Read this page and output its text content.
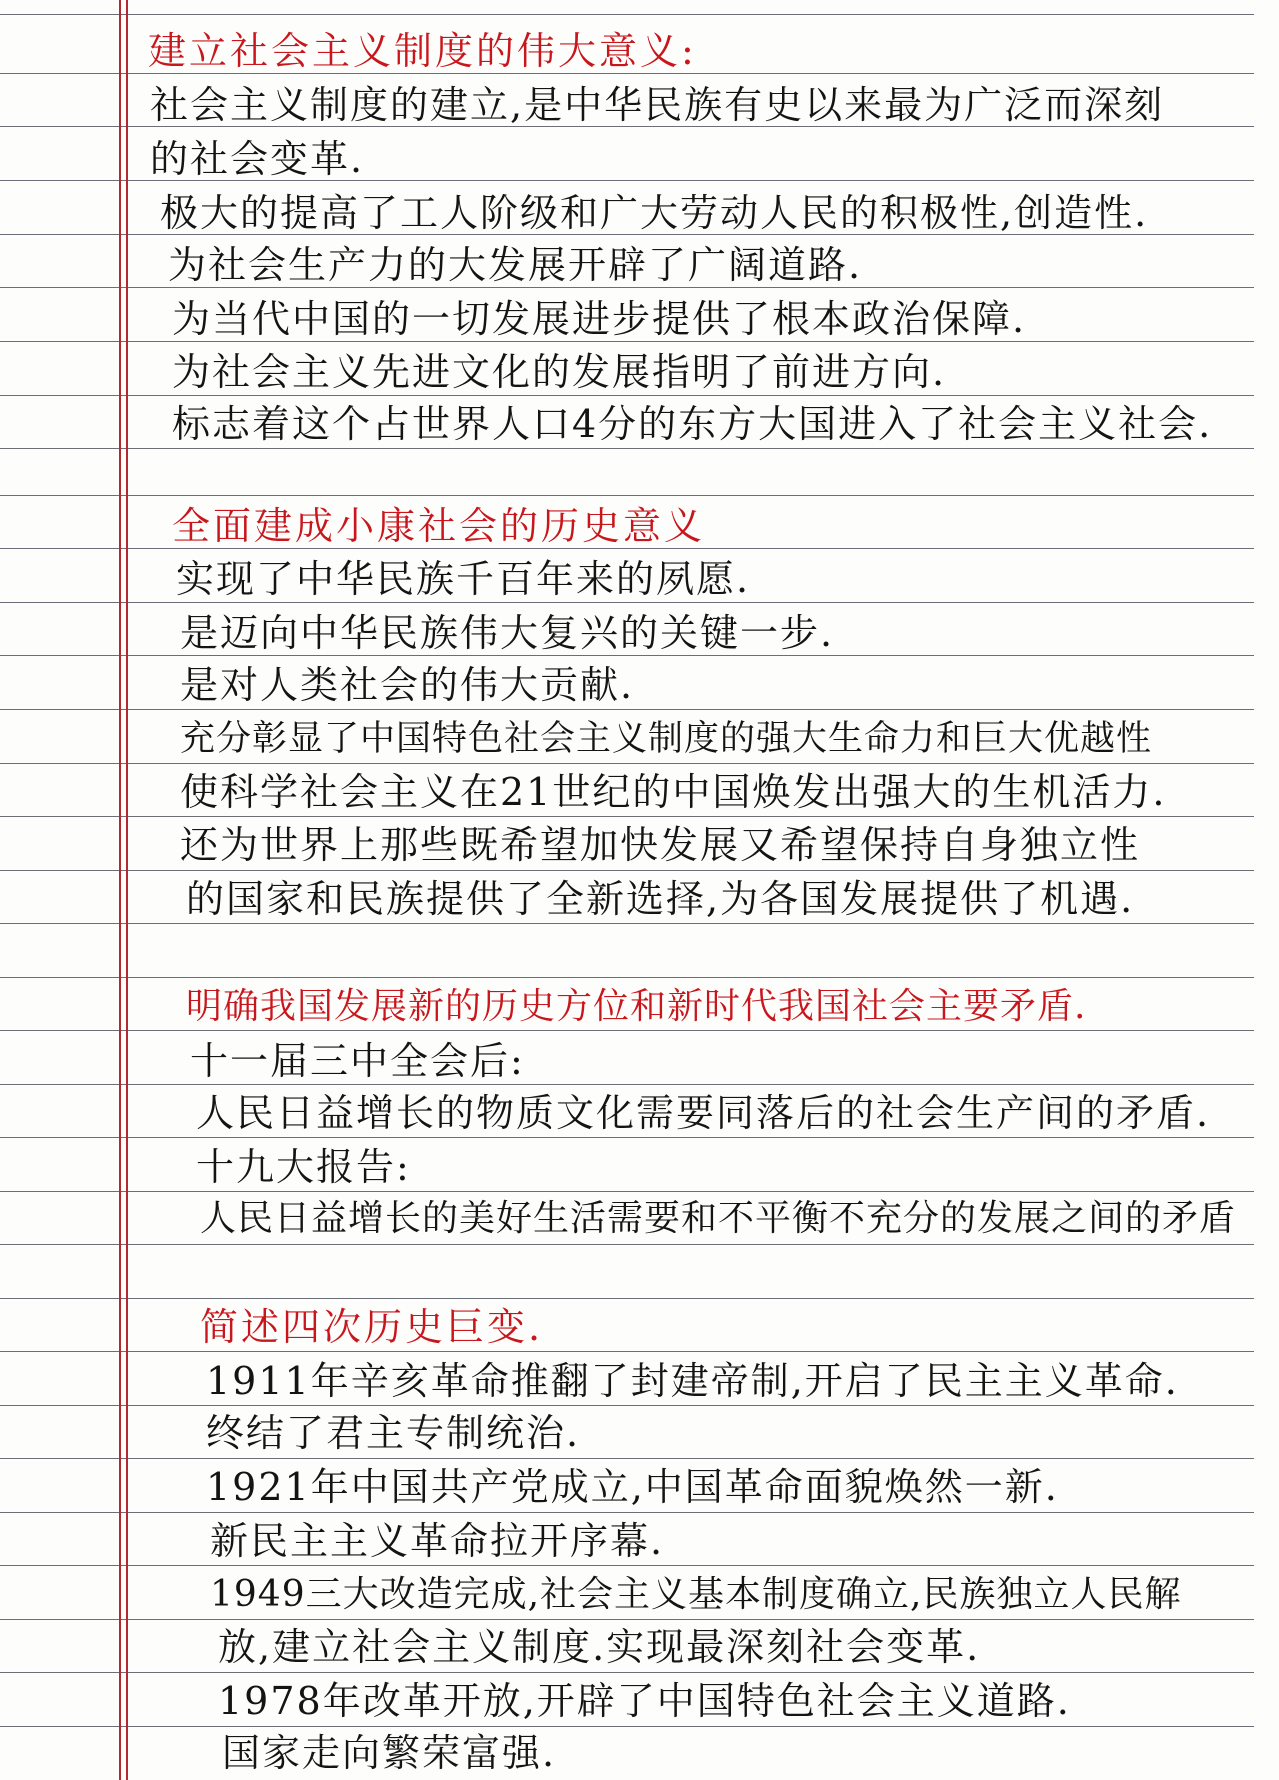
建立社会主义制度的伟大意义:
社会主义制度的建立,是中华民族有史以来最为广泛而深刻
的社会变革.
极大的提高了工人阶级和广大劳动人民的积极性,创造性.
为社会生产力的大发展开辟了广阔道路.
为当代中国的一切发展进步提供了根本政治保障.
为社会主义先进文化的发展指明了前进方向.
标志着这个占世界人口4分的东方大国进入了社会主义社会.
全面建成小康社会的历史意义
实现了中华民族千百年来的夙愿.
是迈向中华民族伟大复兴的关键一步.
是对人类社会的伟大贡献.
充分彰显了中国特色社会主义制度的强大生命力和巨大优越性
使科学社会主义在21世纪的中国焕发出强大的生机活力.
还为世界上那些既希望加快发展又希望保持自身独立性
的国家和民族提供了全新选择,为各国发展提供了机遇.
明确我国发展新的历史方位和新时代我国社会主要矛盾.
十一届三中全会后:
人民日益增长的物质文化需要同落后的社会生产间的矛盾.
十九大报告:
人民日益增长的美好生活需要和不平衡不充分的发展之间的矛盾
简述四次历史巨变.
1911年辛亥革命推翻了封建帝制,开启了民主主义革命.
终结了君主专制统治.
1921年中国共产党成立,中国革命面貌焕然一新.
新民主主义革命拉开序幕.
1949三大改造完成,社会主义基本制度确立,民族独立人民解
放,建立社会主义制度.实现最深刻社会变革.
1978年改革开放,开辟了中国特色社会主义道路.
国家走向繁荣富强.
